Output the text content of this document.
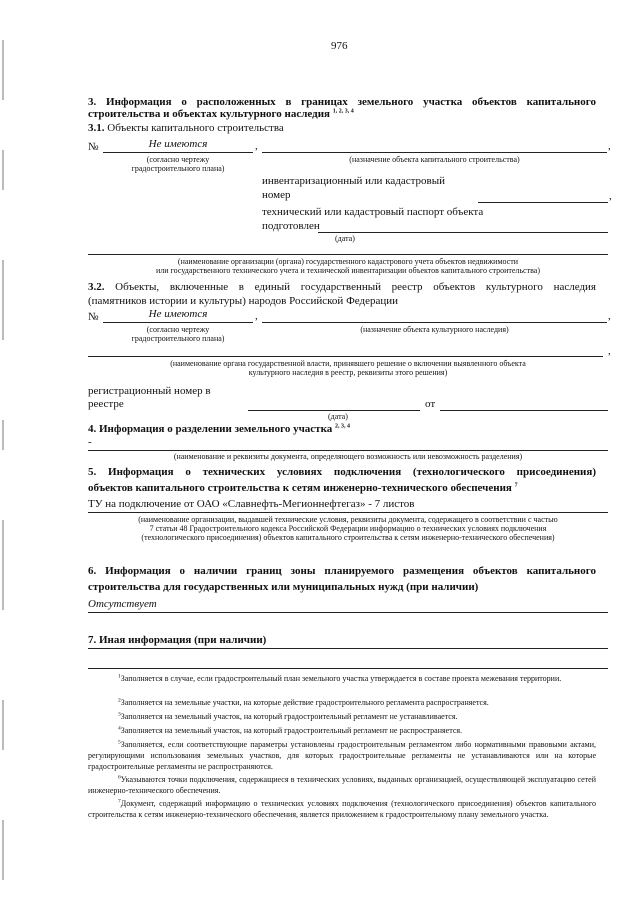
976
3. Информация о расположенных в границах земельного участка объектов капитального
строительства и объектах культурного наследия $^{1, 2, 3, 4}$
3.1. Объекты капитального строительства
№	Не имеются	,	,
(согласно чертежу
градостроительного плана)
(назначение объекта капитального строительства)
инвентаризационный или кадастровый
номер	,
технический или кадастровый паспорт объекта
подготовлен
(дата)
(наименование организации (органа) государственного кадастрового учета объектов недвижимости
или государственного технического учета и технической инвентаризации объектов капитального строительства)
3.2. Объекты, включенные в единый государственный реестр объектов культурного наследия
(памятников истории и культуры) народов Российской Федерации
№	Не имеются	,	,
(согласно чертежу
градостроительного плана)
(назначение объекта культурного наследия)
,
(наименование органа государственной власти, принявшего решение о включении выявленного объекта
культурного наследия в реестр, реквизиты этого решения)
регистрационный номер в
реестре	от
(дата)
4. Информация о разделении земельного участка $^{2, 3, 4}$
-
(наименование и реквизиты документа, определяющего возможность или невозможность разделения)
5. Информация о технических условиях подключения (технологического присоединения)
объектов капитального строительства к сетям инженерно-технического обеспечения $^7$
ТУ на подключение от ОАО «Славнефть-Мегионнефтегаз» - 7 листов
(наименование организации, выдавшей технические условия, реквизиты документа, содержащего в соответствии с частью
7 статьи 48 Градостроительного кодекса Российской Федерации информацию о технических условиях подключения
(технологического присоединения) объектов капитального строительства к сетям инженерно-технического обеспечения)
6. Информация о наличии границ зоны планируемого размещения объектов капитального
строительства для государственных или муниципальных нужд (при наличии)
Отсутствует
7. Иная информация (при наличии)
$^1$Заполняется в случае, если градостроительный план земельного участка утверждается в составе проекта межевания территории.
$^2$Заполняется на земельные участки, на которые действие градостроительного регламента распространяется.
$^3$Заполняется на земельный участок, на который градостроительный регламент не устанавливается.
$^4$Заполняется на земельный участок, на который градостроительный регламент не распространяется.
$^5$Заполняется, если соответствующие параметры установлены градостроительным регламентом либо нормативными правовыми актами, регулирующими использования земельных участков, для которых градостроительные регламенты не устанавливаются или на которые градостроительные регламенты не распространяются.
$^6$Указываются точки подключения, содержащиеся в технических условиях, выданных организацией, осуществляющей эксплуатацию сетей инженерно-технического обеспечения.
$^7$Документ, содержащий информацию о технических условиях подключения (технологического присоединения) объектов капитального строительства к сетям инженерно-технического обеспечения, является приложением к градостроительному плану земельного участка.
